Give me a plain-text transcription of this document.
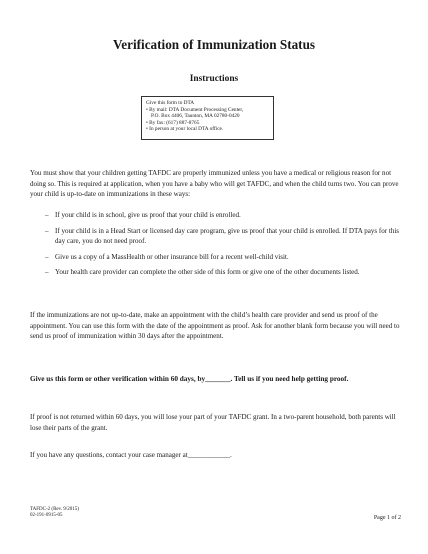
Verification of Immunization Status
Instructions
Give this form to DTA
• By mail: DTA Document Processing Center,
P.O. Box 4406, Taunton, MA 02780-0420
• By fax: (617) 887-8765
• In person at your local DTA office.

You must show that your children getting TAFDC are properly immunized unless you have a medical or religious reason for not doing so. This is required at application, when you have a baby who will get TAFDC, and when the child turns two. You can prove your child is up-to-date on immunizations in these ways:

– If your child is in school, give us proof that your child is enrolled.
– If your child is in a Head Start or licensed day care program, give us proof that your child is enrolled. If DTA pays for this day care, you do not need proof.
– Give us a copy of a MassHealth or other insurance bill for a recent well-child visit.
– Your health care provider can complete the other side of this form or give one of the other documents listed.

If the immunizations are not up-to-date, make an appointment with the child’s health care provider and send us proof of the appointment. You can use this form with the date of the appointment as proof. Ask for another blank form because you will need to send us proof of immunization within 30 days after the appointment.

Give us this form or other verification within 60 days, by_______. Tell us if you need help getting proof.

If proof is not returned within 60 days, you will lose your part of your TAFDC grant. In a two-parent household, both parents will lose their parts of the grant.

If you have any questions, contact your case manager at____________.

TAFDC-2 (Rev. 9/2015)
02-191-0915-05	Page 1 of 2
